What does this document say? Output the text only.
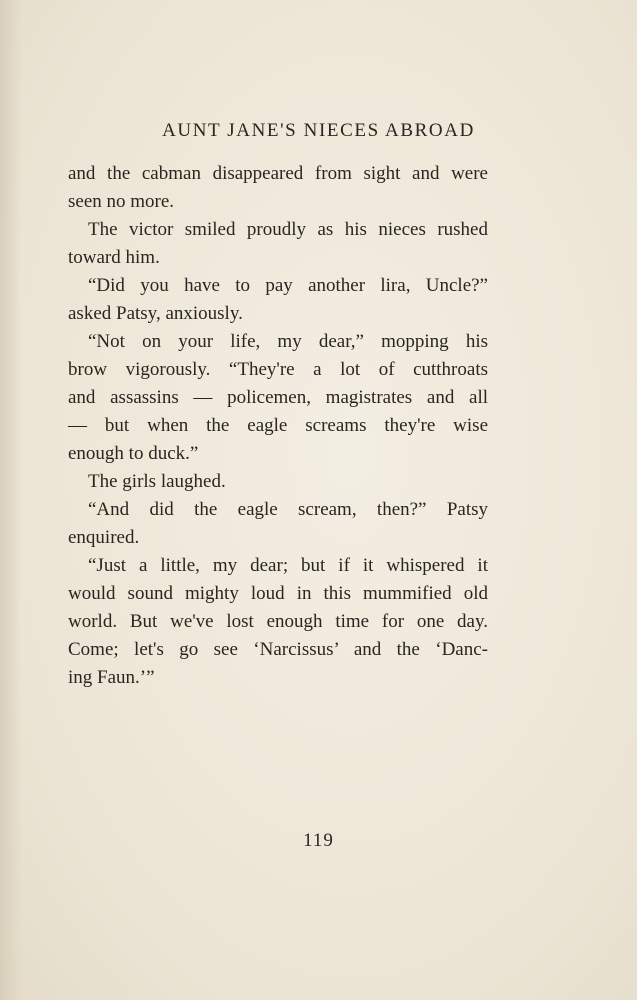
AUNT JANE'S NIECES ABROAD

and the cabman disappeared from sight and were

seen no more.

The victor smiled proudly as his nieces rushed

toward him.

“Did you have to pay another lira, Uncle?”

asked Patsy, anxiously.

“Not on your life, my dear,” mopping his

brow vigorously. “They're a lot of cutthroats

and assassins — policemen, magistrates and all

— but when the eagle screams they're wise

enough to duck.”

The girls laughed.

“And did the eagle scream, then?” Patsy

enquired.

“Just a little, my dear; but if it whispered it

would sound mighty loud in this mummified old

world. But we've lost enough time for one day.

Come; let's go see ‘Narcissus’ and the ‘Danc-

ing Faun.’”

119
